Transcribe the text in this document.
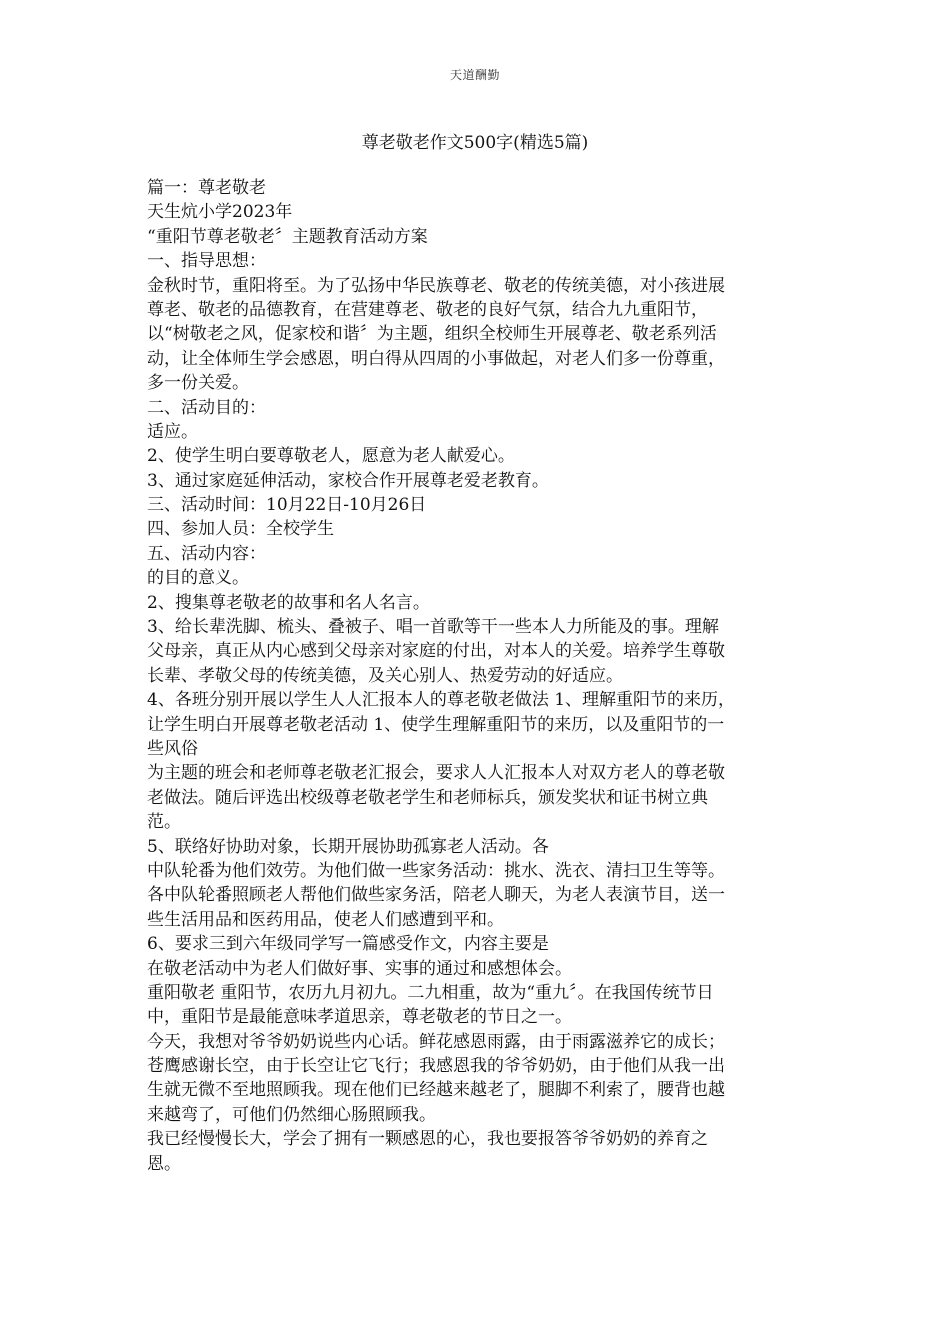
天道酬勤
尊老敬老作文500字(精选5篇)
篇一：尊老敬老
天生炕小学2023年
“重阳节尊老敬老〞主题教育活动方案
一、指导思想：
金秋时节，重阳将至。为了弘扬中华民族尊老、敬老的传统美德，对小孩进展
尊老、敬老的品德教育，在营建尊老、敬老的良好气氛，结合九九重阳节，
以“树敬老之风，促家校和谐〞为主题，组织全校师生开展尊老、敬老系列活
动，让全体师生学会感恩，明白得从四周的小事做起，对老人们多一份尊重，
多一份关爱。
二、活动目的：
适应。
2、使学生明白要尊敬老人，愿意为老人献爱心。
3、通过家庭延伸活动，家校合作开展尊老爱老教育。
三、活动时间：10月22日-10月26日
四、参加人员：全校学生
五、活动内容：
的目的意义。
2、搜集尊老敬老的故事和名人名言。
3、给长辈洗脚、梳头、叠被子、唱一首歌等干一些本人力所能及的事。理解
父母亲，真正从内心感到父母亲对家庭的付出，对本人的关爱。培养学生尊敬
长辈、孝敬父母的传统美德，及关心别人、热爱劳动的好适应。
4、各班分别开展以学生人人汇报本人的尊老敬老做法 1、理解重阳节的来历，
让学生明白开展尊老敬老活动 1、使学生理解重阳节的来历，以及重阳节的一
些风俗
为主题的班会和老师尊老敬老汇报会，要求人人汇报本人对双方老人的尊老敬
老做法。随后评选出校级尊老敬老学生和老师标兵，颁发奖状和证书树立典
范。
5、联络好协助对象，长期开展协助孤寡老人活动。各
中队轮番为他们效劳。为他们做一些家务活动：挑水、洗衣、清扫卫生等等。
各中队轮番照顾老人帮他们做些家务活，陪老人聊天，为老人表演节目，送一
些生活用品和医药用品，使老人们感遭到平和。
6、要求三到六年级同学写一篇感受作文，内容主要是
在敬老活动中为老人们做好事、实事的通过和感想体会。
重阳敬老 重阳节，农历九月初九。二九相重，故为“重九〞。在我国传统节日
中，重阳节是最能意味孝道思亲，尊老敬老的节日之一。
今天，我想对爷爷奶奶说些内心话。鲜花感恩雨露，由于雨露滋养它的成长；
苍鹰感谢长空，由于长空让它飞行；我感恩我的爷爷奶奶，由于他们从我一出
生就无微不至地照顾我。现在他们已经越来越老了，腿脚不利索了，腰背也越
来越弯了，可他们仍然细心肠照顾我。
我已经慢慢长大，学会了拥有一颗感恩的心，我也要报答爷爷奶奶的养育之
恩。
